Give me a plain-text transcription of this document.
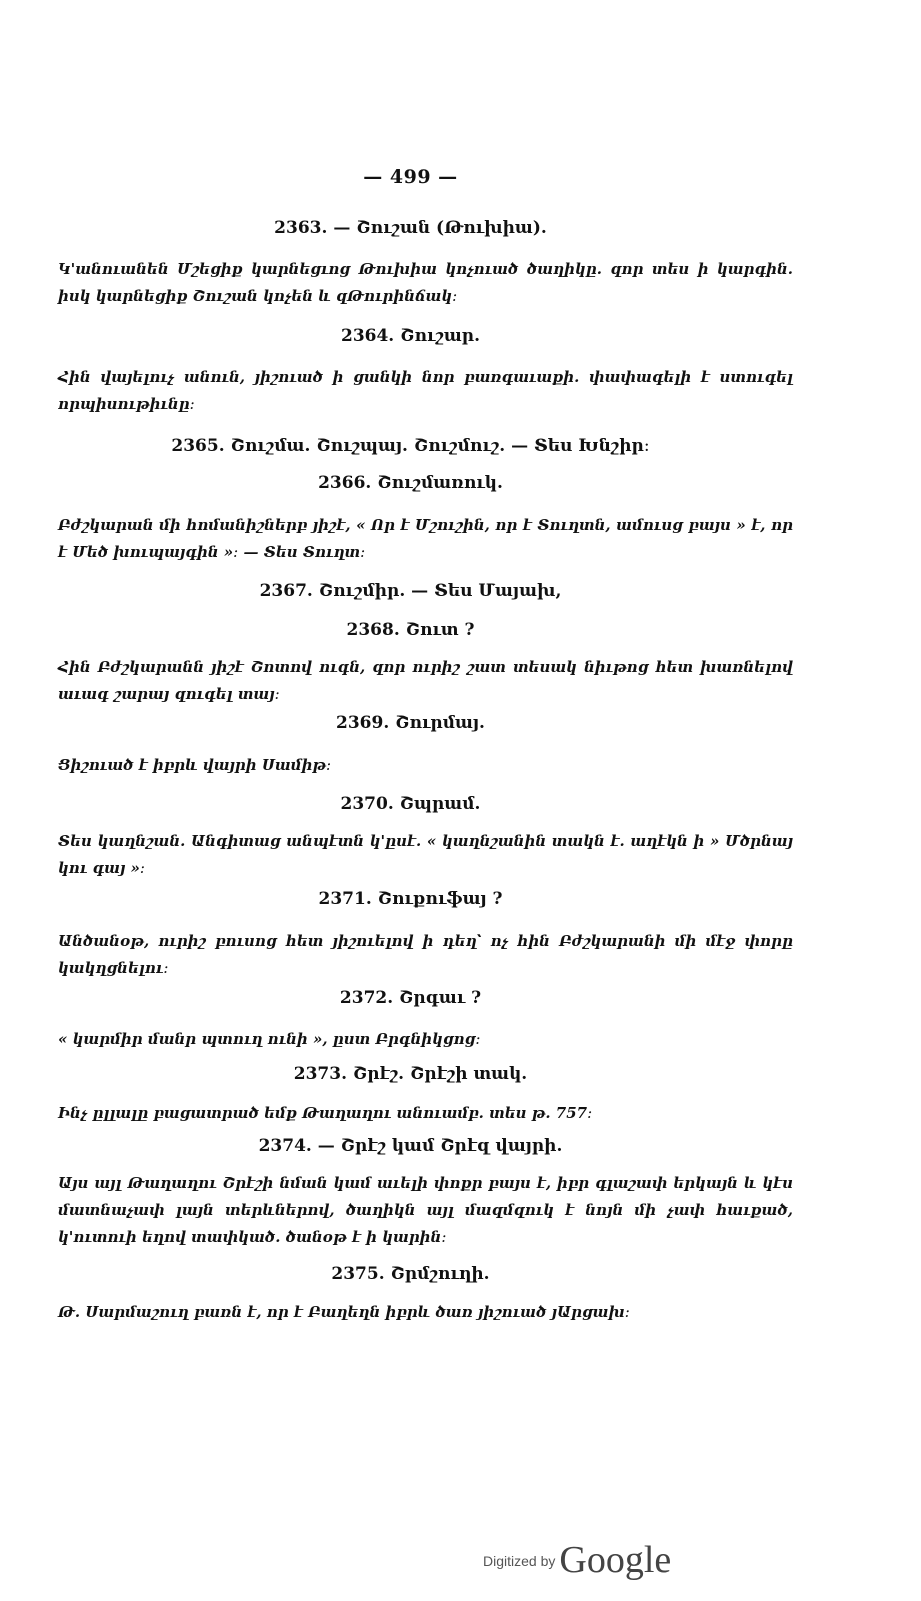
— 499 —
2363. — Շուշան (Թուխիա)․
Կ'անուանեն Մշեցիք կարնեցւոց Թուխիա կոչուած ծաղիկը․ զոր տես ի կարգին․ իսկ կարնեցիք Շուշան կոչեն և զԹուրինճակ։
2364. Շուշար․
Հին վայելուչ անուն, յիշուած ի ցանկի նոր բառգաւաքի․ փափագելի է ստուգել որպիսութիւնը։
2365. Շուշմա․ Շուշպայ․ Շուշմուշ․ — Տես Խնշիր։
2366. Շուշմառուկ․
Բժշկարան մի հոմանիշներբ յիշէ, « Որ է Մշուշին, որ է Տուղտն, ամուսց բայս » է, որ է Մեծ խուպայգին »։ — Տես Տուղտ։
2367. Շուշմիր. — Տես Մայախ,
2368. Շուտ ?
Հին Բժշկարանն յիշէ Շոտով ուգն, զոր ուրիշ շատ տեսակ նիւթոց հետ խառնելով աւագ շարայ զուգել տայ։
2369. Շուրմայ․
Ցիշուած է իբրև վայրի Սամիթ։
2370. Շպրամ․
Տես կաղնշան․ Անգիտաց անպէտն կ'ըսէ․ « կաղնշանին տակն է․ աղէկն ի » Մծրնայ կու գայ »։
2371. Շուքուֆայ ?
Անծանօթ, ուրիշ բուսոց հետ յիշուելով ի դեղ՝ ոչ հին Բժշկարանի մի մէջ փորը կակղցնելու։
2372. Շրգաւ ?
« կարմիր մանր պտուղ ունի », ըստ Բրգնիկցոց։
2373. Շրէշ․ Շրէշի տակ․
Ինչ ըլլալը բացատրած եմք Թաղաղու անուամբ․ տես թ․ 757։
2374. — Շրէշ կամ Շրէզ վայրի․
Այս այլ Թաղաղու Շրէշի նման կամ աւելի փոքր բայս է, իբր գլաշափ երկայն և կէս մատնաչափ լայն տերևներով, ծաղիկն այլ մազմզուկ է նոյն մի չափ հաւքած, կ'ուտուի եղով տափկած․ ծանօթ է ի կարին։
2375. Շրմշուղի․
Թ․ Սարմաշուղ բառն է, որ է Բաղեղն իբրև ծառ յիշուած յԱրցախ։
Digitized by Google
